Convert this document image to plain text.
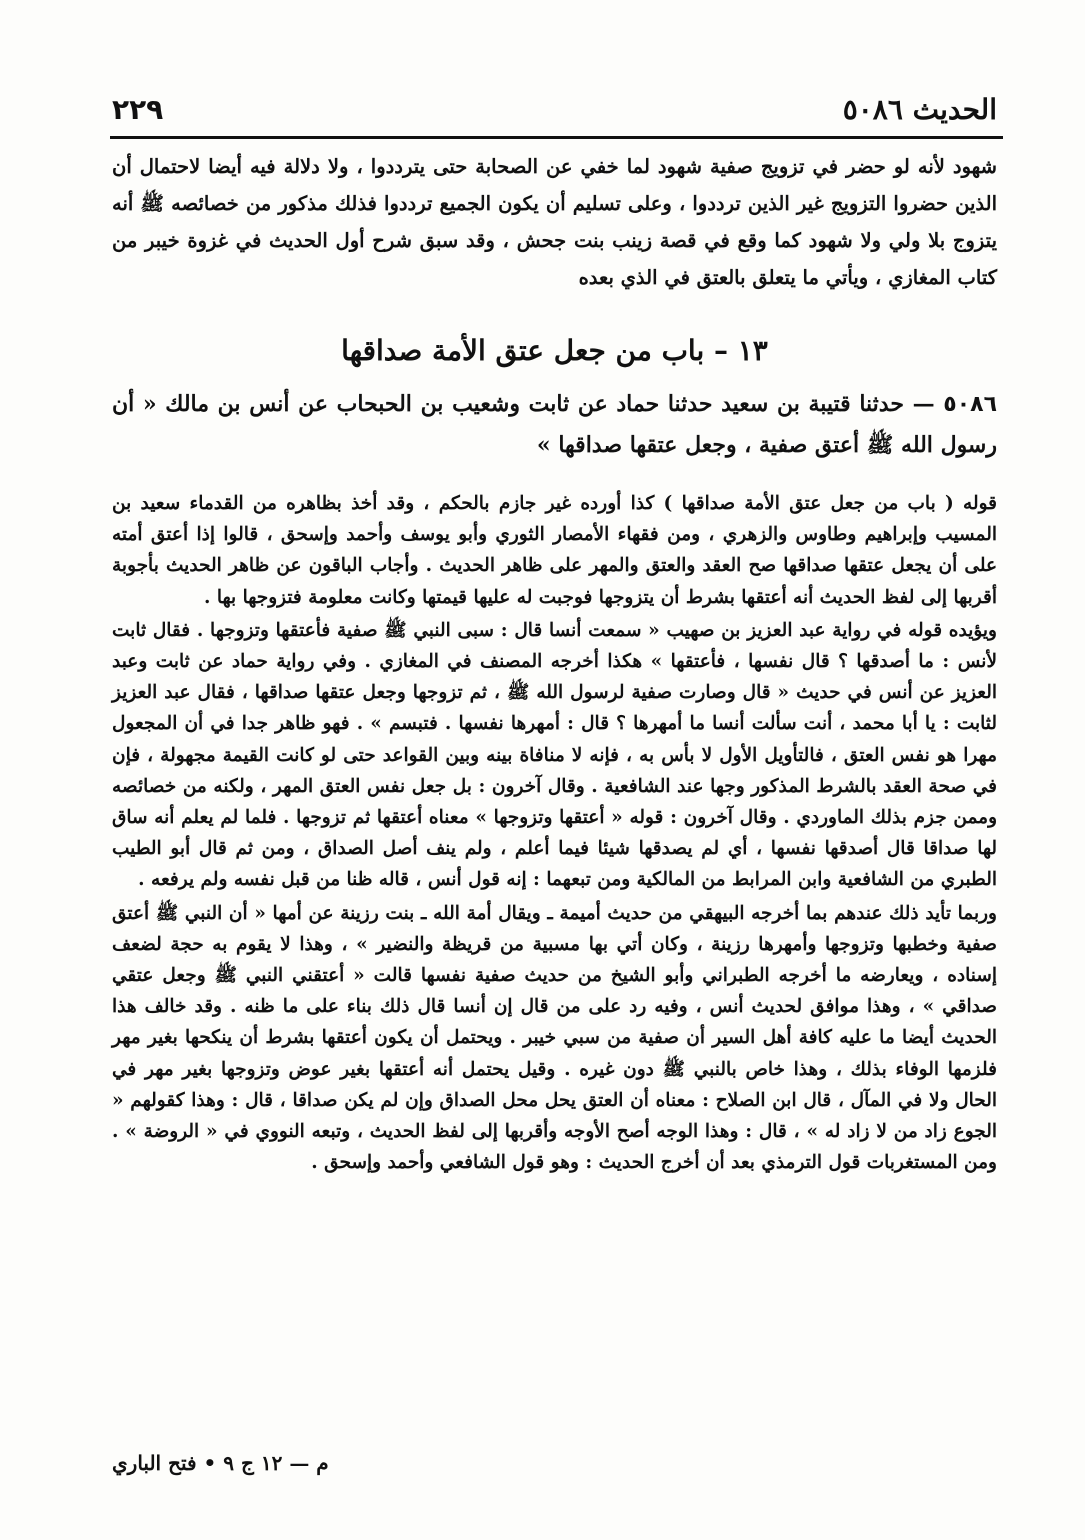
الحديث ٥٠٨٦
٢٢٩

شهود لأنه لو حضر في تزويج صفية شهود لما خفي عن الصحابة حتى يترددوا ، ولا دلالة فيه أيضا لاحتمال أن الذين حضروا التزويج غير الذين ترددوا ، وعلى تسليم أن يكون الجميع ترددوا فذلك مذكور من خصائصه ﷺ أنه يتزوج بلا ولي ولا شهود كما وقع في قصة زينب بنت جحش ، وقد سبق شرح أول الحديث في غزوة خيبر من كتاب المغازي ، ويأتي ما يتعلق بالعتق في الذي بعده

١٣ – باب من جعل عتق الأمة صداقها

٥٠٨٦ — حدثنا قتيبة بن سعيد حدثنا حماد عن ثابت وشعيب بن الحبحاب عن أنس بن مالك « أن رسول الله ﷺ أعتق صفية ، وجعل عتقها صداقها »

قوله ( باب من جعل عتق الأمة صداقها ) كذا أورده غير جازم بالحكم ، وقد أخذ بظاهره من القدماء سعيد بن المسيب وإبراهيم وطاوس والزهري ، ومن فقهاء الأمصار الثوري وأبو يوسف وأحمد وإسحق ، قالوا إذا أعتق أمته على أن يجعل عتقها صداقها صح العقد والعتق والمهر على ظاهر الحديث . وأجاب الباقون عن ظاهر الحديث بأجوبة أقربها إلى لفظ الحديث أنه أعتقها بشرط أن يتزوجها فوجبت له عليها قيمتها وكانت معلومة فتزوجها بها .

ويؤيده قوله في رواية عبد العزيز بن صهيب « سمعت أنسا قال : سبى النبي ﷺ صفية فأعتقها وتزوجها . فقال ثابت لأنس : ما أصدقها ؟ قال نفسها ، فأعتقها » هكذا أخرجه المصنف في المغازي . وفي رواية حماد عن ثابت وعبد العزيز عن أنس في حديث « قال وصارت صفية لرسول الله ﷺ ، ثم تزوجها وجعل عتقها صداقها ، فقال عبد العزيز لثابت : يا أبا محمد ، أنت سألت أنسا ما أمهرها ؟ قال : أمهرها نفسها . فتبسم » . فهو ظاهر جدا في أن المجعول مهرا هو نفس العتق ، فالتأويل الأول لا بأس به ، فإنه لا منافاة بينه وبين القواعد حتى لو كانت القيمة مجهولة ، فإن في صحة العقد بالشرط المذكور وجها عند الشافعية . وقال آخرون : بل جعل نفس العتق المهر ، ولكنه من خصائصه وممن جزم بذلك الماوردي . وقال آخرون : قوله « أعتقها وتزوجها » معناه أعتقها ثم تزوجها . فلما لم يعلم أنه ساق لها صداقا قال أصدقها نفسها ، أي لم يصدقها شيئا فيما أعلم ، ولم ينف أصل الصداق ، ومن ثم قال أبو الطيب الطبري من الشافعية وابن المرابط من المالكية ومن تبعهما : إنه قول أنس ، قاله ظنا من قبل نفسه ولم يرفعه .

وربما تأيد ذلك عندهم بما أخرجه البيهقي من حديث أميمة ـ ويقال أمة الله ـ بنت رزينة عن أمها « أن النبي ﷺ أعتق صفية وخطبها وتزوجها وأمهرها رزينة ، وكان أتي بها مسبية من قريظة والنضير » ، وهذا لا يقوم به حجة لضعف إسناده ، ويعارضه ما أخرجه الطبراني وأبو الشيخ من حديث صفية نفسها قالت « أعتقني النبي ﷺ وجعل عتقي صداقي » ، وهذا موافق لحديث أنس ، وفيه رد على من قال إن أنسا قال ذلك بناء على ما ظنه . وقد خالف هذا الحديث أيضا ما عليه كافة أهل السير أن صفية من سبي خيبر . ويحتمل أن يكون أعتقها بشرط أن ينكحها بغير مهر فلزمها الوفاء بذلك ، وهذا خاص بالنبي ﷺ دون غيره . وقيل يحتمل أنه أعتقها بغير عوض وتزوجها بغير مهر في الحال ولا في المآل ، قال ابن الصلاح : معناه أن العتق يحل محل الصداق وإن لم يكن صداقا ، قال : وهذا كقولهم « الجوع زاد من لا زاد له » ، قال : وهذا الوجه أصح الأوجه وأقربها إلى لفظ الحديث ، وتبعه النووي في « الروضة » . ومن المستغربات قول الترمذي بعد أن أخرج الحديث : وهو قول الشافعي وأحمد وإسحق .

م — ١٢ ج ٩ • فتح الباري
